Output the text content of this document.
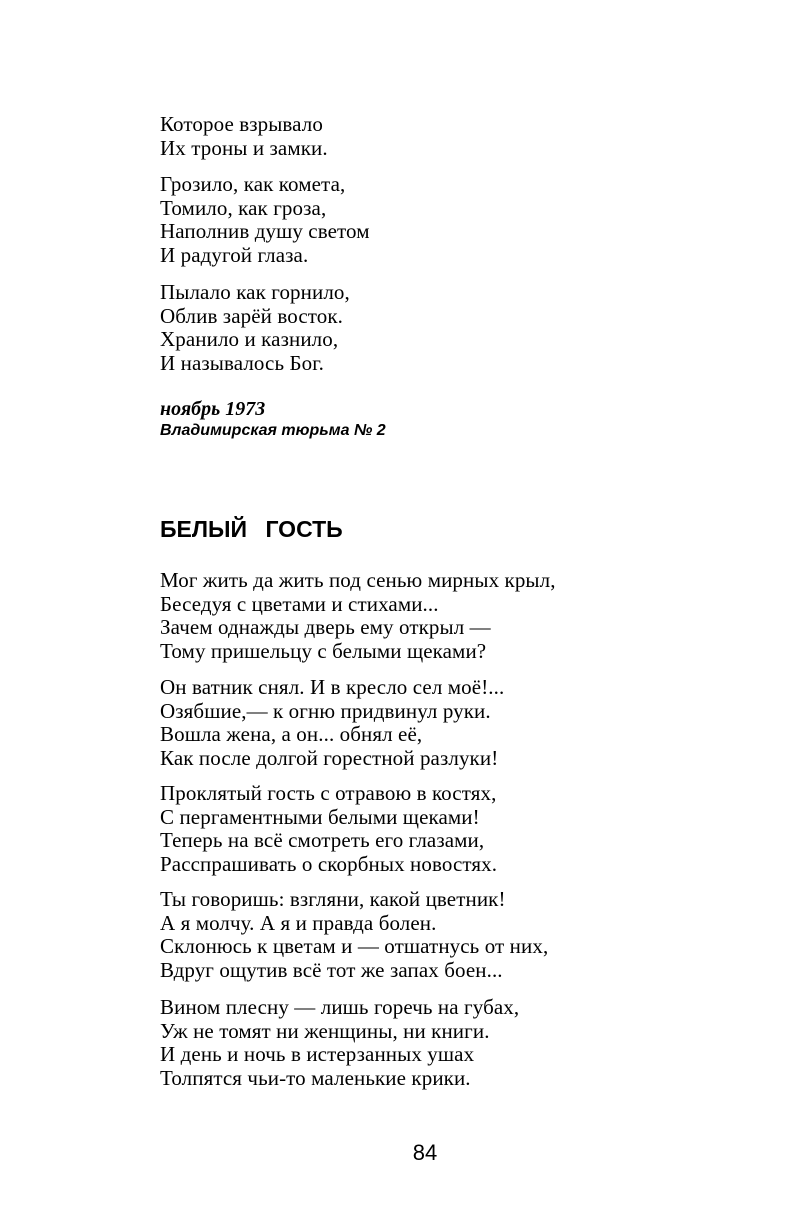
Которое взрывало
Их троны и замки.
Грозило, как комета,
Томило, как гроза,
Наполнив душу светом
И радугой глаза.
Пылало как горнило,
Облив зарёй восток.
Хранило и казнило,
И называлось Бог.
ноябрь 1973
Владимирская тюрьма № 2
БЕЛЫЙ ГОСТЬ
Мог жить да жить под сенью мирных крыл,
Беседуя с цветами и стихами...
Зачем однажды дверь ему открыл —
Тому пришельцу с белыми щеками?
Он ватник снял. И в кресло сел моё!...
Озябшие,— к огню придвинул руки.
Вошла жена, а он... обнял её,
Как после долгой горестной разлуки!
Проклятый гость с отравою в костях,
С пергаментными белыми щеками!
Теперь на всё смотреть его глазами,
Расспрашивать о скорбных новостях.
Ты говоришь: взгляни, какой цветник!
А я молчу. А я и правда болен.
Склонюсь к цветам и — отшатнусь от них,
Вдруг ощутив всё тот же запах боен...
Вином плесну — лишь горечь на губах,
Уж не томят ни женщины, ни книги.
И день и ночь в истерзанных ушах
Толпятся чьи-то маленькие крики.
84
